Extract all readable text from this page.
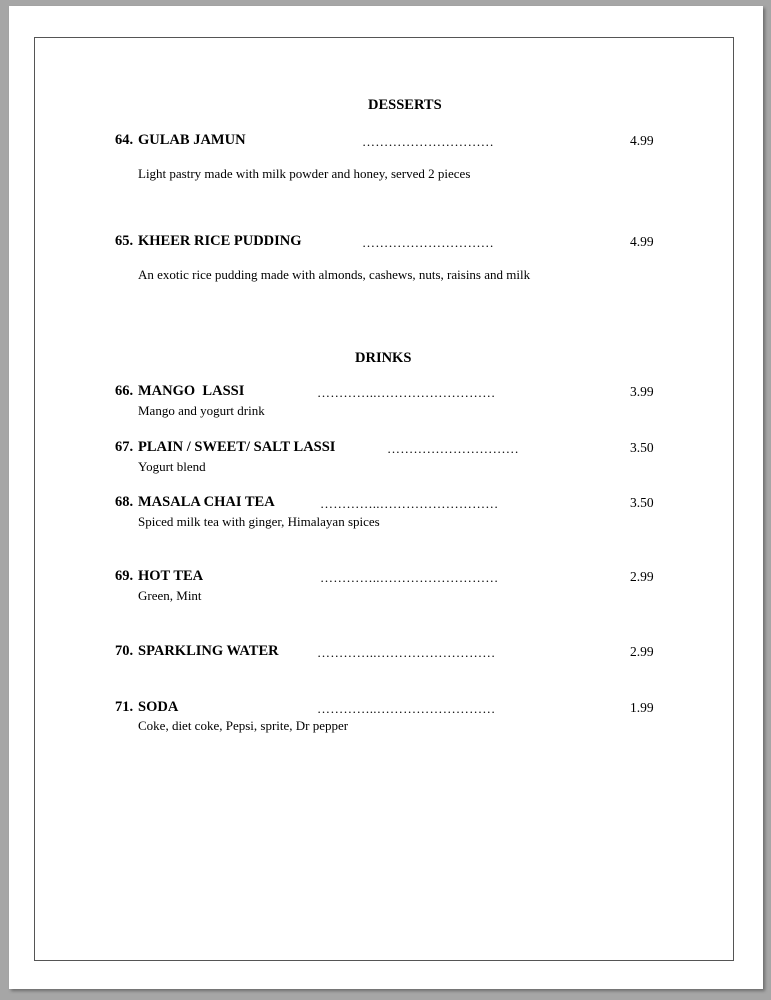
DESSERTS
64. GULAB JAMUN	…………………………	4.99
Light pastry made with milk powder and honey, served 2 pieces
65. KHEER RICE PUDDING	…………………………	4.99
An exotic rice pudding made with almonds, cashews, nuts, raisins and milk
DRINKS
66. MANGO  LASSI	…………..………………………	3.99
Mango and yogurt drink
67. PLAIN / SWEET/ SALT LASSI	…………………………	3.50
Yogurt blend
68. MASALA CHAI TEA	…………..………………………	3.50
Spiced milk tea with ginger, Himalayan spices
69. HOT TEA	…………..………………………	2.99
Green, Mint
70. SPARKLING WATER	…………..………………………	2.99
71. SODA	…………..………………………	1.99
Coke, diet coke, Pepsi, sprite, Dr pepper
